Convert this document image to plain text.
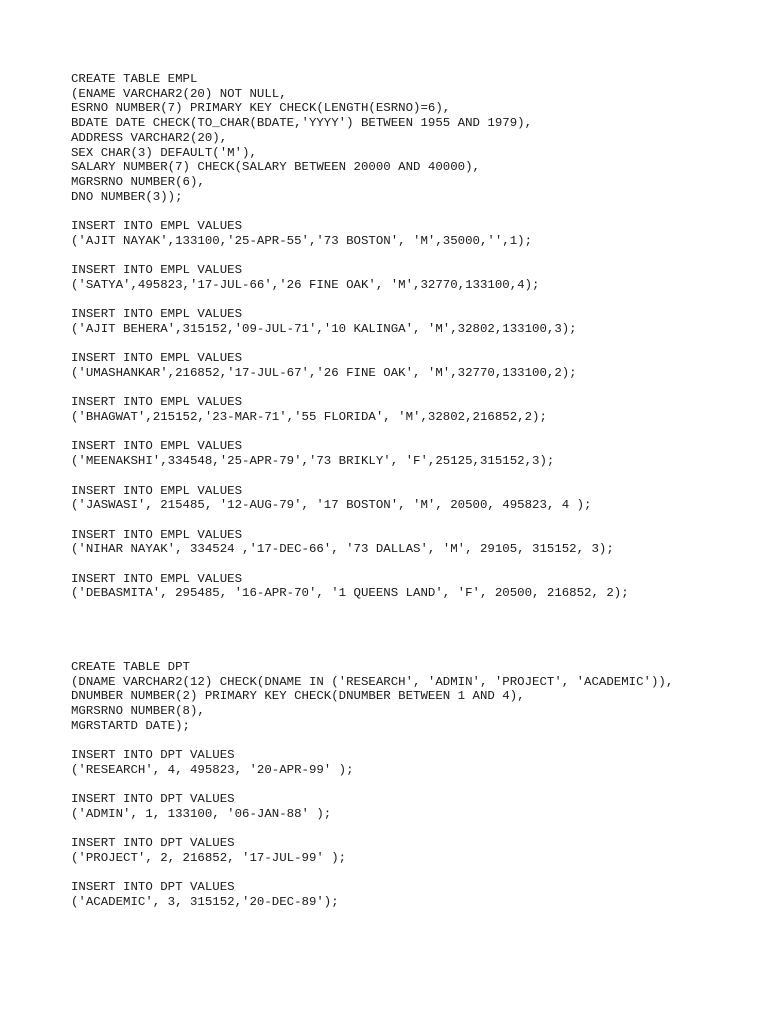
CREATE TABLE EMPL
(ENAME VARCHAR2(20) NOT NULL,
ESRNO NUMBER(7) PRIMARY KEY CHECK(LENGTH(ESRNO)=6),
BDATE DATE CHECK(TO_CHAR(BDATE,'YYYY') BETWEEN 1955 AND 1979),
ADDRESS VARCHAR2(20),
SEX CHAR(3) DEFAULT('M'),
SALARY NUMBER(7) CHECK(SALARY BETWEEN 20000 AND 40000),
MGRSRNO NUMBER(6),
DNO NUMBER(3));
INSERT INTO EMPL VALUES
('AJIT NAYAK',133100,'25-APR-55','73 BOSTON', 'M',35000,'',1);
INSERT INTO EMPL VALUES
('SATYA',495823,'17-JUL-66','26 FINE OAK', 'M',32770,133100,4);
INSERT INTO EMPL VALUES
('AJIT BEHERA',315152,'09-JUL-71','10 KALINGA', 'M',32802,133100,3);
INSERT INTO EMPL VALUES
('UMASHANKAR',216852,'17-JUL-67','26 FINE OAK', 'M',32770,133100,2);
INSERT INTO EMPL VALUES
('BHAGWAT',215152,'23-MAR-71','55 FLORIDA', 'M',32802,216852,2);
INSERT INTO EMPL VALUES
('MEENAKSHI',334548,'25-APR-79','73 BRIKLY', 'F',25125,315152,3);
INSERT INTO EMPL VALUES
('JASWASI', 215485, '12-AUG-79', '17 BOSTON', 'M', 20500, 495823, 4 );
INSERT INTO EMPL VALUES
('NIHAR NAYAK', 334524 ,'17-DEC-66', '73 DALLAS', 'M', 29105, 315152, 3);
INSERT INTO EMPL VALUES
('DEBASMITA', 295485, '16-APR-70', '1 QUEENS LAND', 'F', 20500, 216852, 2);
CREATE TABLE DPT
(DNAME VARCHAR2(12) CHECK(DNAME IN ('RESEARCH', 'ADMIN', 'PROJECT', 'ACADEMIC')),
DNUMBER NUMBER(2) PRIMARY KEY CHECK(DNUMBER BETWEEN 1 AND 4),
MGRSRNO NUMBER(8),
MGRSTARTD DATE);
INSERT INTO DPT VALUES
('RESEARCH', 4, 495823, '20-APR-99' );
INSERT INTO DPT VALUES
('ADMIN', 1, 133100, '06-JAN-88' );
INSERT INTO DPT VALUES
('PROJECT', 2, 216852, '17-JUL-99' );
INSERT INTO DPT VALUES
('ACADEMIC', 3, 315152,'20-DEC-89');
